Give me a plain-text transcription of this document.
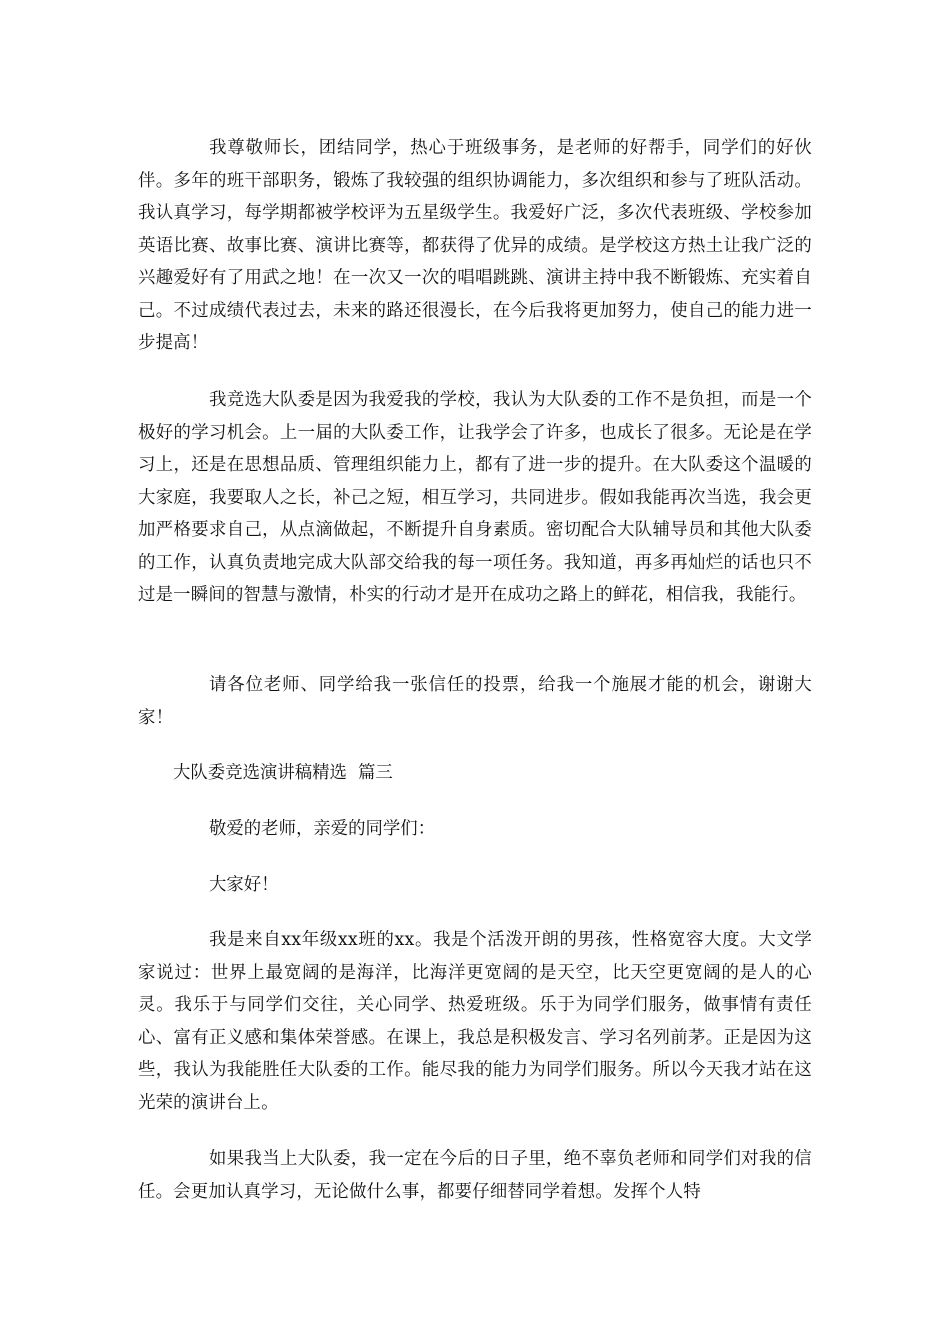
我尊敬师长，团结同学，热心于班级事务，是老师的好帮手，同学们的好伙伴。多年的班干部职务，锻炼了我较强的组织协调能力，多次组织和参与了班队活动。我认真学习，每学期都被学校评为五星级学生。我爱好广泛，多次代表班级、学校参加英语比赛、故事比赛、演讲比赛等，都获得了优异的成绩。是学校这方热土让我广泛的兴趣爱好有了用武之地！在一次又一次的唱唱跳跳、演讲主持中我不断锻炼、充实着自己。不过成绩代表过去，未来的路还很漫长，在今后我将更加努力，使自己的能力进一步提高！

我竞选大队委是因为我爱我的学校，我认为大队委的工作不是负担，而是一个极好的学习机会。上一届的大队委工作，让我学会了许多，也成长了很多。无论是在学习上，还是在思想品质、管理组织能力上，都有了进一步的提升。在大队委这个温暖的大家庭，我要取人之长，补己之短，相互学习，共同进步。假如我能再次当选，我会更加严格要求自己，从点滴做起，不断提升自身素质。密切配合大队辅导员和其他大队委的工作，认真负责地完成大队部交给我的每一项任务。我知道，再多再灿烂的话也只不过是一瞬间的智慧与激情，朴实的行动才是开在成功之路上的鲜花，相信我，我能行。

请各位老师、同学给我一张信任的投票，给我一个施展才能的机会，谢谢大家！

大队委竞选演讲稿精选  篇三

敬爱的老师，亲爱的同学们：

大家好！

我是来自xx年级xx班的xx。我是个活泼开朗的男孩，性格宽容大度。大文学家说过：世界上最宽阔的是海洋，比海洋更宽阔的是天空，比天空更宽阔的是人的心灵。我乐于与同学们交往，关心同学、热爱班级。乐于为同学们服务，做事情有责任心、富有正义感和集体荣誉感。在课上，我总是积极发言、学习名列前茅。正是因为这些，我认为我能胜任大队委的工作。能尽我的能力为同学们服务。所以今天我才站在这光荣的演讲台上。

如果我当上大队委，我一定在今后的日子里，绝不辜负老师和同学们对我的信任。会更加认真学习，无论做什么事，都要仔细替同学着想。发挥个人特
